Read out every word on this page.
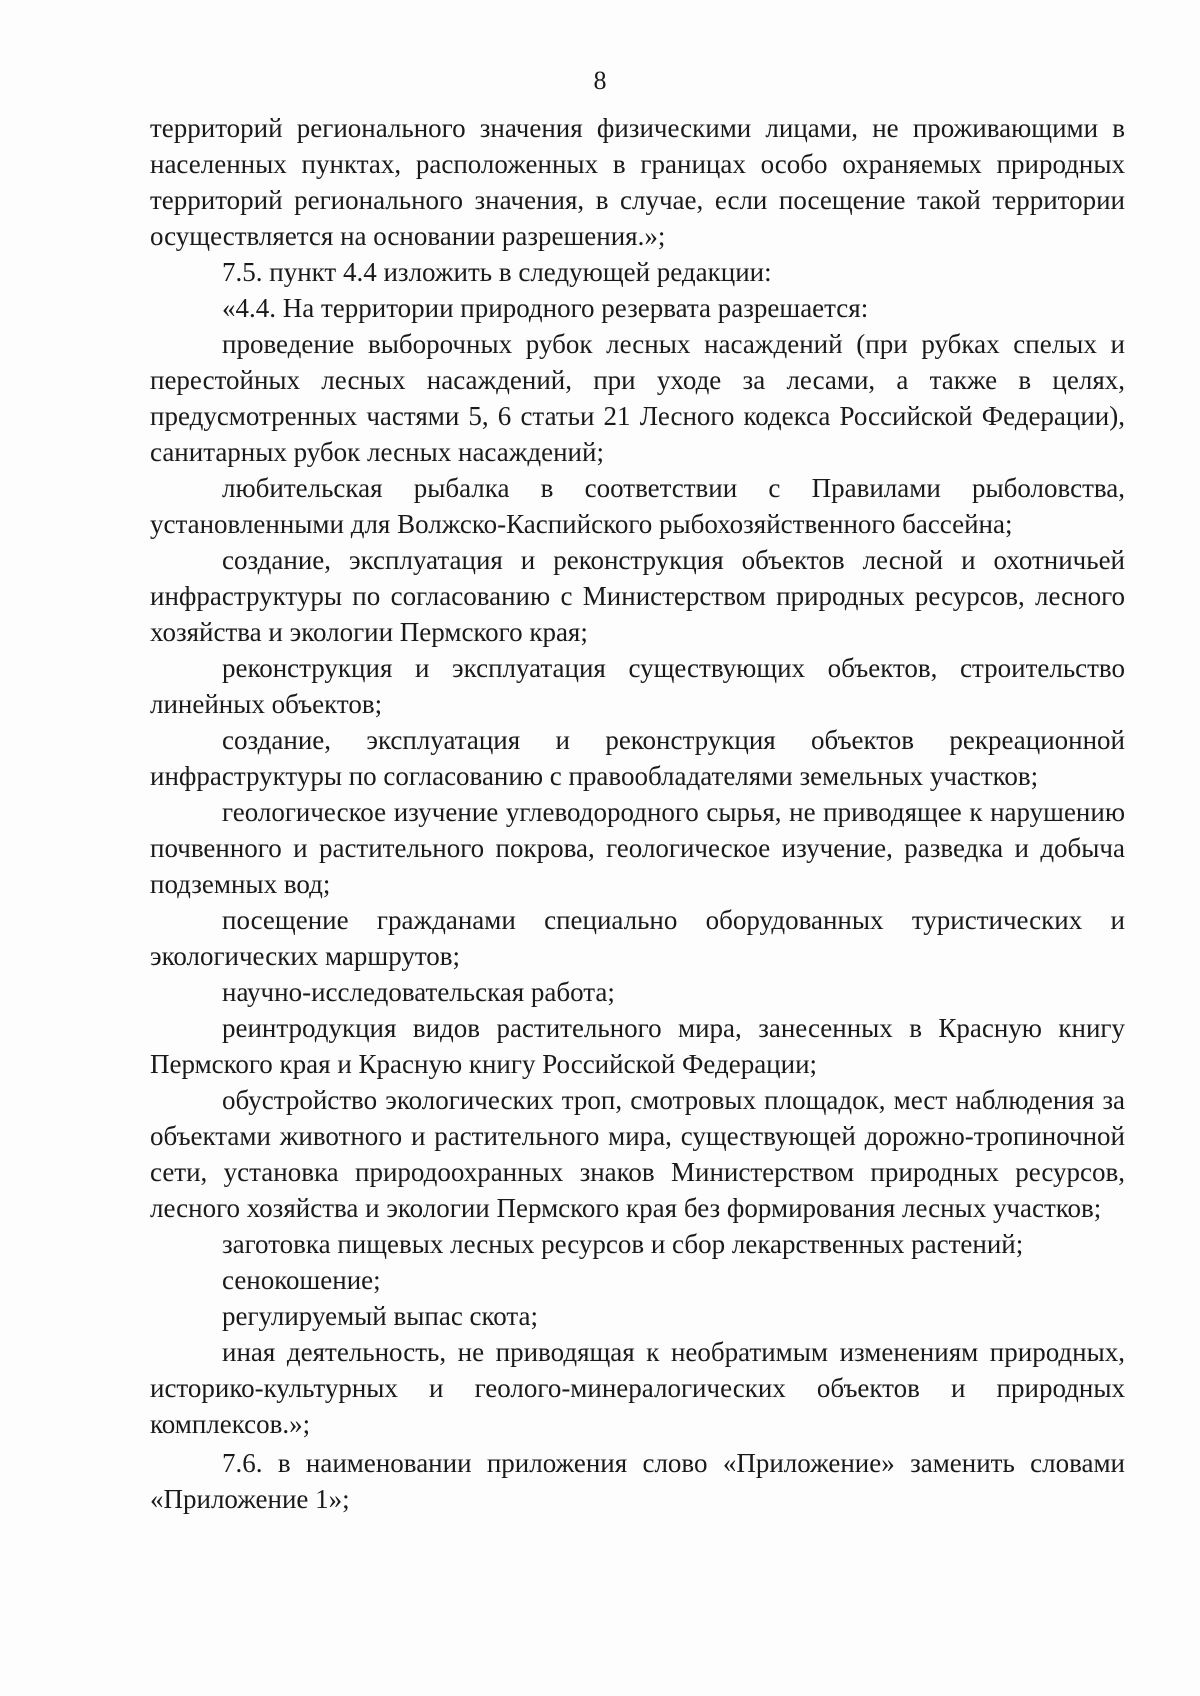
8

территорий регионального значения физическими лицами, не проживающими в населенных пунктах, расположенных в границах особо охраняемых природных территорий регионального значения, в случае, если посещение такой территории осуществляется на основании разрешения.»;

7.5. пункт 4.4 изложить в следующей редакции:

«4.4. На территории природного резервата разрешается:

проведение выборочных рубок лесных насаждений (при рубках спелых и перестойных лесных насаждений, при уходе за лесами, а также в целях, предусмотренных частями 5, 6 статьи 21 Лесного кодекса Российской Федерации), санитарных рубок лесных насаждений;

любительская рыбалка в соответствии с Правилами рыболовства, установленными для Волжско-Каспийского рыбохозяйственного бассейна;

создание, эксплуатация и реконструкция объектов лесной и охотничьей инфраструктуры по согласованию с Министерством природных ресурсов, лесного хозяйства и экологии Пермского края;

реконструкция и эксплуатация существующих объектов, строительство линейных объектов;

создание, эксплуатация и реконструкция объектов рекреационной инфраструктуры по согласованию с правообладателями земельных участков;

геологическое изучение углеводородного сырья, не приводящее к нарушению почвенного и растительного покрова, геологическое изучение, разведка и добыча подземных вод;

посещение гражданами специально оборудованных туристических и экологических маршрутов;

научно-исследовательская работа;

реинтродукция видов растительного мира, занесенных в Красную книгу Пермского края и Красную книгу Российской Федерации;

обустройство экологических троп, смотровых площадок, мест наблюдения за объектами животного и растительного мира, существующей дорожно-тропиночной сети, установка природоохранных знаков Министерством природных ресурсов, лесного хозяйства и экологии Пермского края без формирования лесных участков;

заготовка пищевых лесных ресурсов и сбор лекарственных растений;

сенокошение;

регулируемый выпас скота;

иная деятельность, не приводящая к необратимым изменениям природных, историко-культурных и геолого-минералогических объектов и природных комплексов.»;

7.6. в наименовании приложения слово «Приложение» заменить словами «Приложение 1»;
